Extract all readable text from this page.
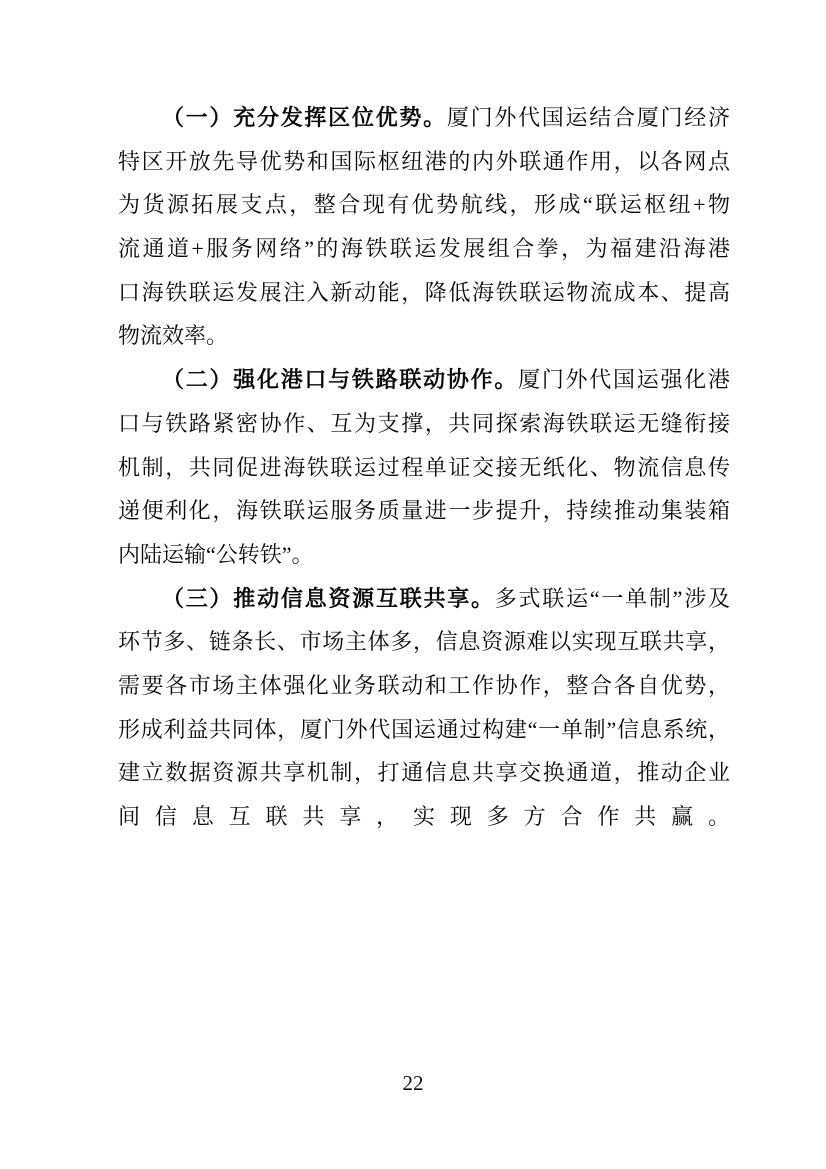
（一）充分发挥区位优势。厦门外代国运结合厦门经济
特区开放先导优势和国际枢纽港的内外联通作用，以各网点
为货源拓展支点，整合现有优势航线，形成“联运枢纽+物
流通道+服务网络”的海铁联运发展组合拳，为福建沿海港
口海铁联运发展注入新动能，降低海铁联运物流成本、提高
物流效率。
（二）强化港口与铁路联动协作。厦门外代国运强化港
口与铁路紧密协作、互为支撑，共同探索海铁联运无缝衔接
机制，共同促进海铁联运过程单证交接无纸化、物流信息传
递便利化，海铁联运服务质量进一步提升，持续推动集装箱
内陆运输“公转铁”。
（三）推动信息资源互联共享。多式联运“一单制”涉及
环节多、链条长、市场主体多，信息资源难以实现互联共享，
需要各市场主体强化业务联动和工作协作，整合各自优势，
形成利益共同体，厦门外代国运通过构建“一单制”信息系统，
建立数据资源共享机制，打通信息共享交换通道，推动企业
间信息互联共享，实现多方合作共赢。
22
